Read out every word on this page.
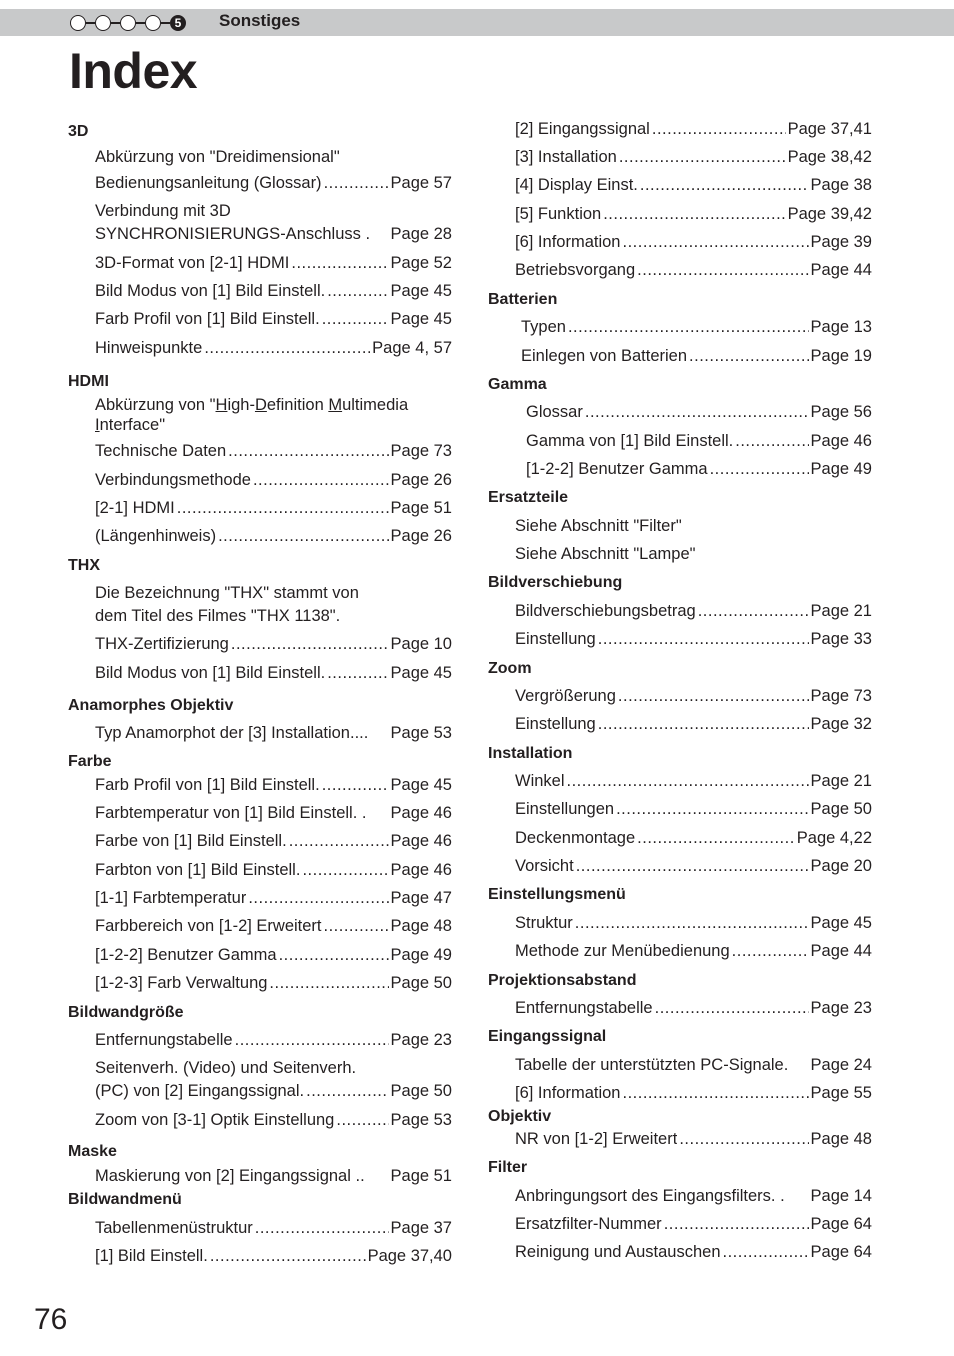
5 Sonstiges
Index
3D
Abkürzung von "Dreidimensional"
Bedienungsanleitung (Glossar) .....	Page 57
Verbindung mit 3D
SYNCHRONISIERUNGS-Anschluss . Page 28
3D-Format von [2-1] HDMI .....	Page 52
Bild Modus von [1] Bild Einstell. .....	Page 45
Farb Profil von [1] Bild Einstell. .....	Page 45
Hinweispunkte .....	Page 4, 57
HDMI
Abkürzung von "High-Definition Multimedia
Interface"
Technische Daten .....	Page 73
Verbindungsmethode .....	Page 26
[2-1] HDMI .....	Page 51
(Längenhinweis) .....	Page 26
THX
Die Bezeichnung "THX" stammt von
dem Titel des Filmes "THX 1138".
THX-Zertifizierung .....	Page 10
Bild Modus von [1] Bild Einstell. .....	Page 45
Anamorphes Objektiv
Typ Anamorphot der [3] Installation.... Page 53
Farbe
Farb Profil von [1] Bild Einstell. .....	Page 45
Farbtemperatur von [1] Bild Einstell. . Page 46
Farbe von [1] Bild Einstell. .....	Page 46
Farbton von [1] Bild Einstell. .....	Page 46
[1-1] Farbtemperatur .....	Page 47
Farbbereich von [1-2] Erweitert .....	Page 48
[1-2-2] Benutzer Gamma .....	Page 49
[1-2-3] Farb Verwaltung .....	Page 50
Bildwandgröße
Entfernungstabelle .....	Page 23
Seitenverh. (Video) und Seitenverh.
(PC) von [2] Eingangssignal. .....	Page 50
Zoom von [3-1] Optik Einstellung .....	Page 53
Maske
Maskierung von [2] Eingangssignal .. Page 51
Bildwandmenü
Tabellenmenüstruktur .....	Page 37
[1] Bild Einstell. .....	Page 37,40
[2] Eingangssignal .....	Page 37,41
[3] Installation .....	Page 38,42
[4] Display Einst. .....	Page 38
[5] Funktion .....	Page 39,42
[6] Information .....	Page 39
Betriebsvorgang .....	Page 44
Batterien
Typen .....	Page 13
Einlegen von Batterien .....	Page 19
Gamma
Glossar .....	Page 56
Gamma von [1] Bild Einstell. .....	Page 46
[1-2-2] Benutzer Gamma .....	Page 49
Ersatzteile
Siehe Abschnitt "Filter"
Siehe Abschnitt "Lampe"
Bildverschiebung
Bildverschiebungsbetrag .....	Page 21
Einstellung .....	Page 33
Zoom
Vergrößerung .....	Page 73
Einstellung .....	Page 32
Installation
Winkel .....	Page 21
Einstellungen .....	Page 50
Deckenmontage .....	Page 4,22
Vorsicht .....	Page 20
Einstellungsmenü
Struktur .....	Page 45
Methode zur Menübedienung .....	Page 44
Projektionsabstand
Entfernungstabelle .....	Page 23
Eingangssignal
Tabelle der unterstützten PC-Signale. Page 24
[6] Information .....	Page 55
Objektiv
NR von [1-2] Erweitert .....	Page 48
Filter
Anbringungsort des Eingangsfilters. . Page 14
Ersatzfilter-Nummer .....	Page 64
Reinigung und Austauschen .....	Page 64
76
